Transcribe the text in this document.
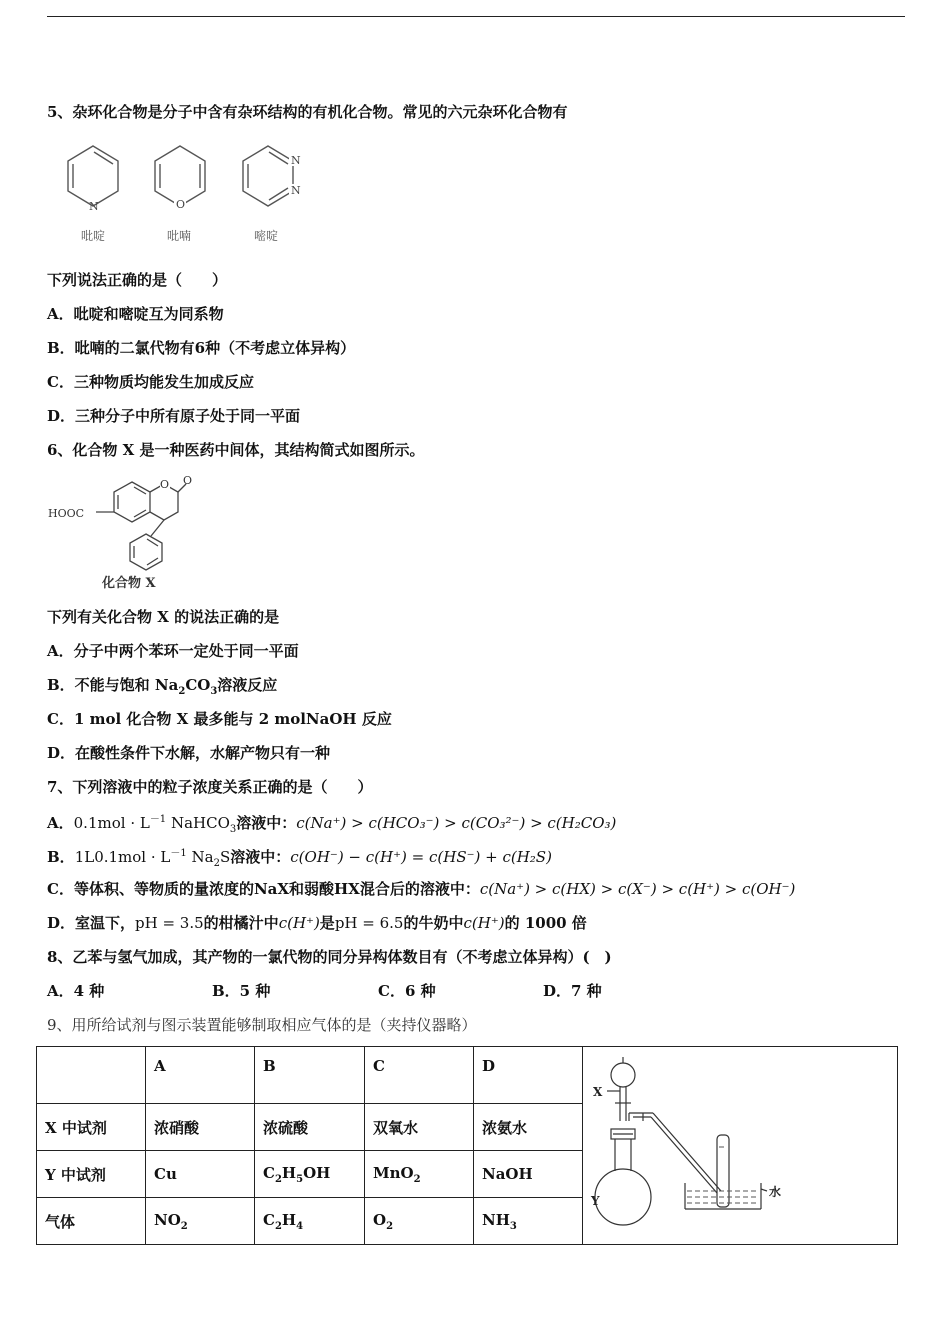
5、杂环化合物是分子中含有杂环结构的有机化合物。常见的六元杂环化合物有
N
吡啶
O
吡喃
N
N
嘧啶
下列说法正确的是（　　）
A．吡啶和嘧啶互为同系物
B．吡喃的二氯代物有6种（不考虑立体异构）
C．三种物质均能发生加成反应
D．三种分子中所有原子处于同一平面
6、化合物 X 是一种医药中间体，其结构简式如图所示。
O O
HOOC
化合物 X
下列有关化合物 X 的说法正确的是
A．分子中两个苯环一定处于同一平面
B．不能与饱和 $Na_2CO_3$溶液反应
C．1 mol 化合物 X 最多能与 2 molNaOH 反应
D．在酸性条件下水解，水解产物只有一种
7、下列溶液中的粒子浓度关系正确的是（　　）
A．$0.1mol \cdot L^{-1}$ NaHCO$_3$溶液中：c(Na⁺) > c(HCO₃⁻) > c(CO₃²⁻) > c(H₂CO₃)
B．$1L0.1mol \cdot L^{-1}$ $Na_2S$溶液中：c(OH⁻) − c(H⁺) = c(HS⁻) + c(H₂S)
C．等体积、等物质的量浓度的NaX和弱酸HX混合后的溶液中：c(Na⁺) > c(HX) > c(X⁻) > c(H⁺) > c(OH⁻)
D．室温下，pH = 3.5的柑橘汁中c(H⁺)是pH = 6.5的牛奶中c(H⁺)的 1000 倍
8、乙苯与氢气加成，其产物的一氯代物的同分异构体数目有（不考虑立体异构）(　)
A．4 种	B．5 种	C．6 种	D．7 种
9、用所给试剂与图示装置能够制取相应气体的是（夹持仪器略）
	A	B	C	D	X
Y
水

X 中试剂	浓硝酸	浓硫酸	双氧水	浓氨水	
Y 中试剂	Cu	$C_2H_5OH$	MnO$_2$	NaOH	
气体	$NO_2$	$C_2H_4$	$O_2$	$NH_3$
